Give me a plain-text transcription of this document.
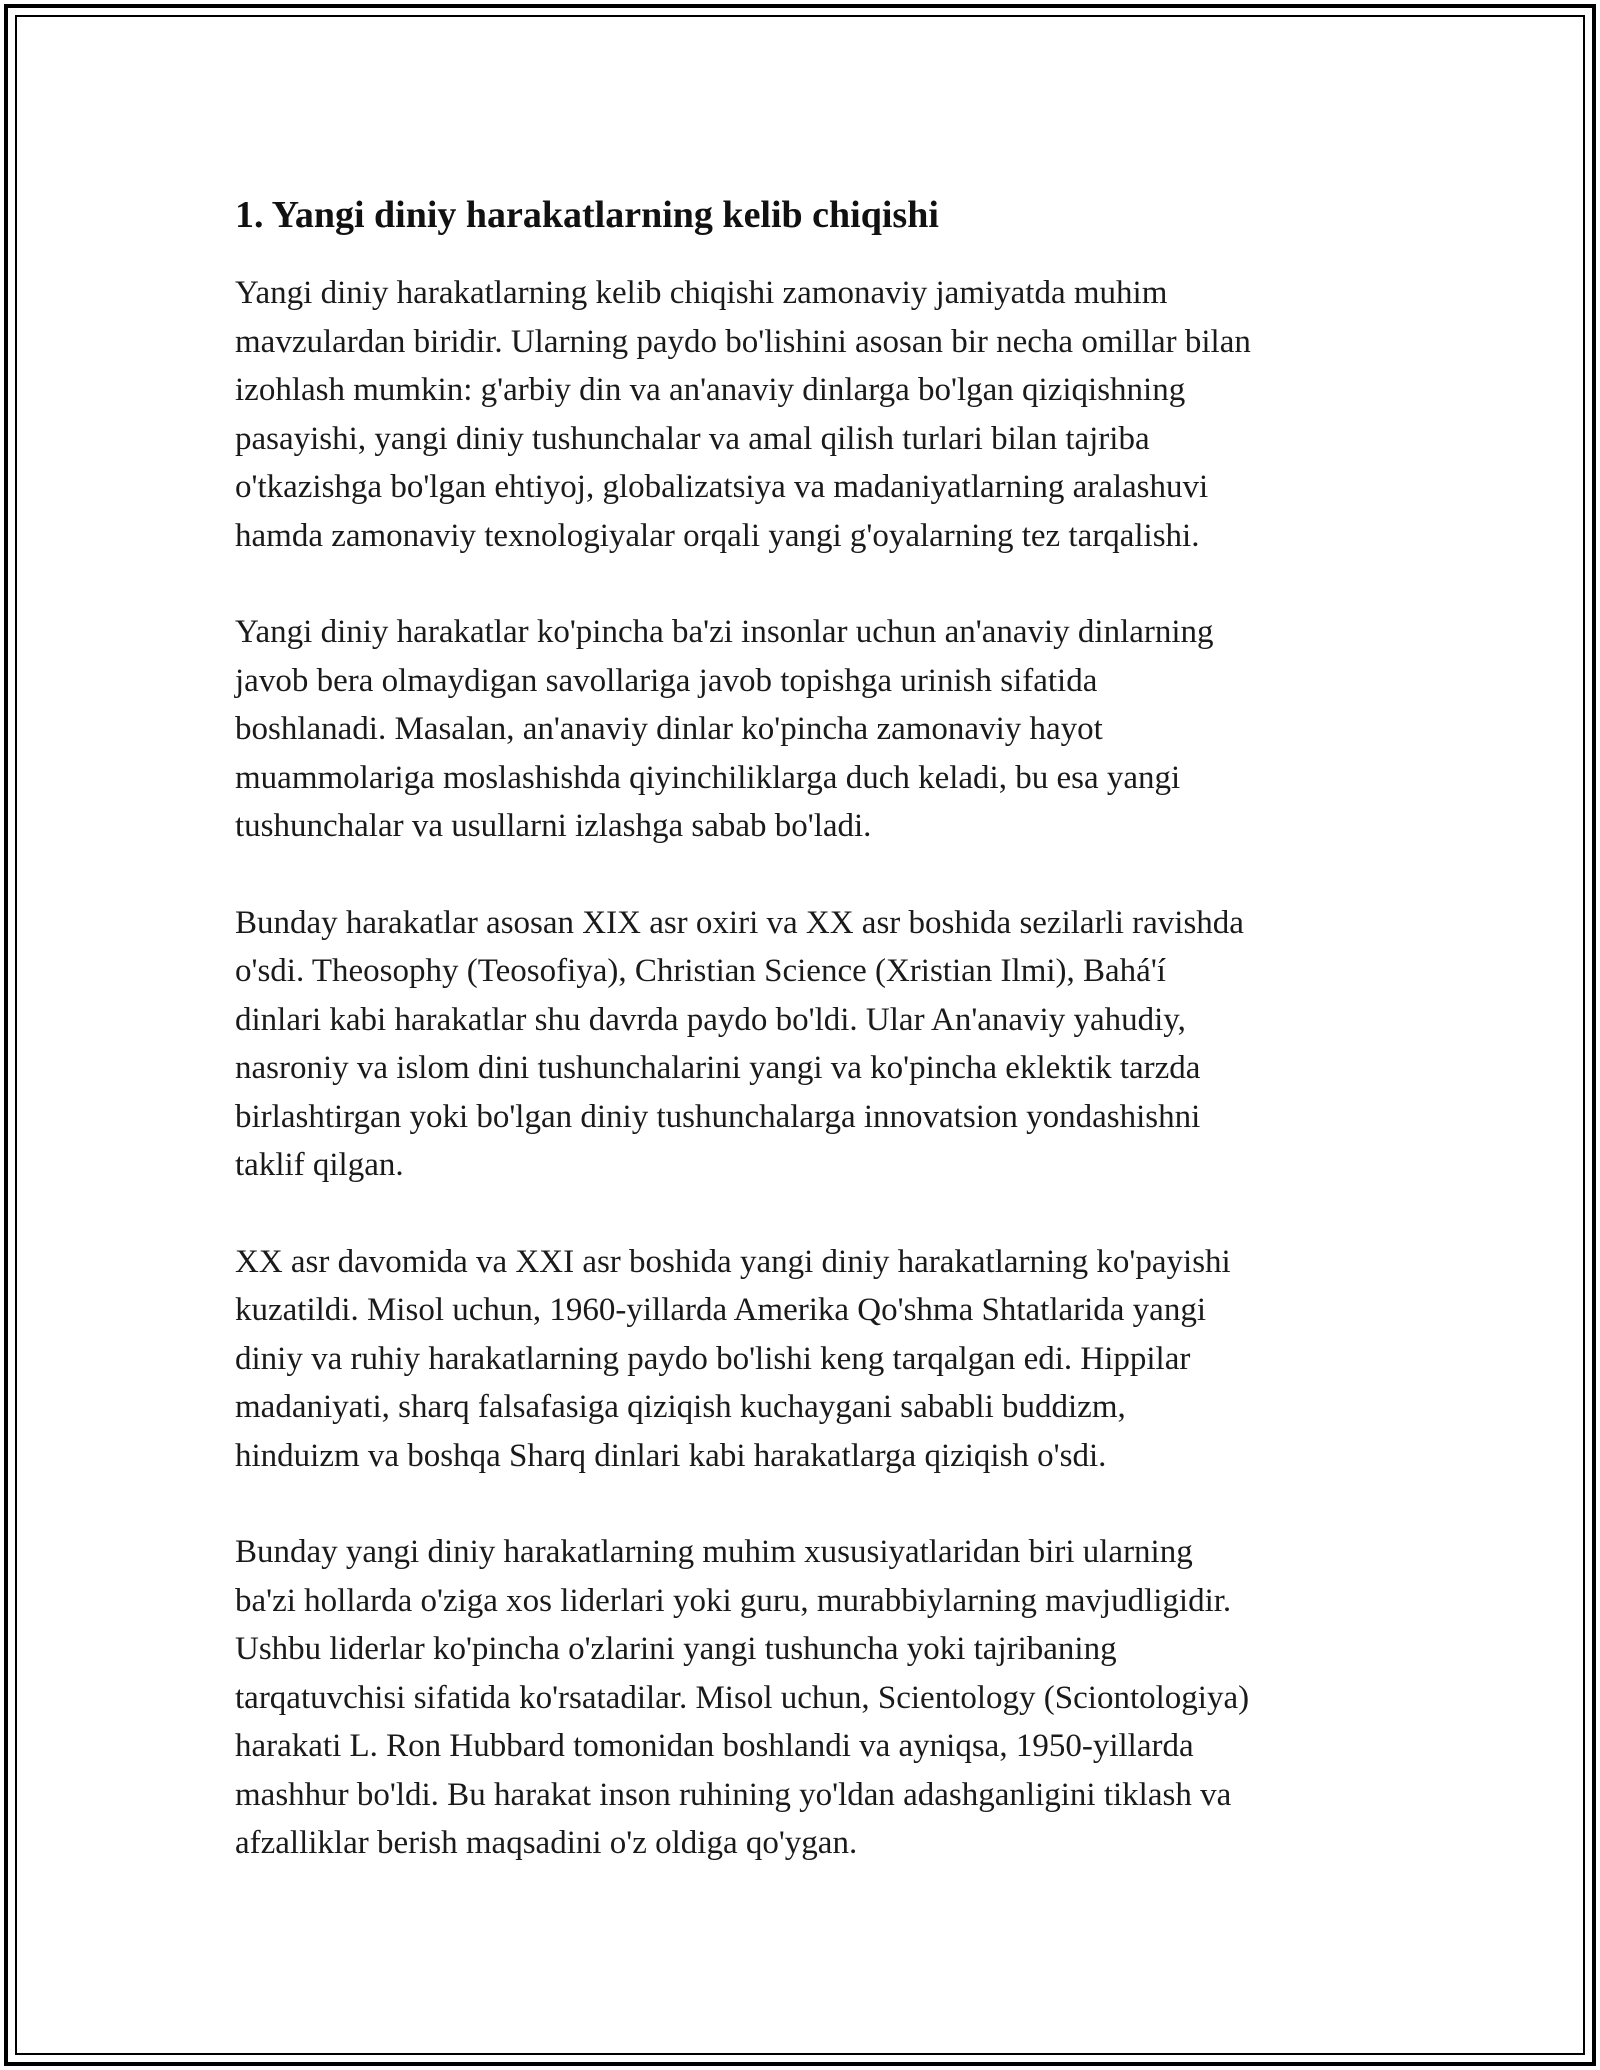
1. Yangi diniy harakatlarning kelib chiqishi

Yangi diniy harakatlarning kelib chiqishi zamonaviy jamiyatda muhim
mavzulardan biridir. Ularning paydo bo'lishini asosan bir necha omillar bilan
izohlash mumkin: g'arbiy din va an'anaviy dinlarga bo'lgan qiziqishning
pasayishi, yangi diniy tushunchalar va amal qilish turlari bilan tajriba
o'tkazishga bo'lgan ehtiyoj, globalizatsiya va madaniyatlarning aralashuvi
hamda zamonaviy texnologiyalar orqali yangi g'oyalarning tez tarqalishi.

Yangi diniy harakatlar ko'pincha ba'zi insonlar uchun an'anaviy dinlarning
javob bera olmaydigan savollariga javob topishga urinish sifatida
boshlanadi. Masalan, an'anaviy dinlar ko'pincha zamonaviy hayot
muammolariga moslashishda qiyinchiliklarga duch keladi, bu esa yangi
tushunchalar va usullarni izlashga sabab bo'ladi.

Bunday harakatlar asosan XIX asr oxiri va XX asr boshida sezilarli ravishda
o'sdi. Theosophy (Teosofiya), Christian Science (Xristian Ilmi), Bahá'í
dinlari kabi harakatlar shu davrda paydo bo'ldi. Ular An'anaviy yahudiy,
nasroniy va islom dini tushunchalarini yangi va ko'pincha eklektik tarzda
birlashtirgan yoki bo'lgan diniy tushunchalarga innovatsion yondashishni
taklif qilgan.

XX asr davomida va XXI asr boshida yangi diniy harakatlarning ko'payishi
kuzatildi. Misol uchun, 1960-yillarda Amerika Qo'shma Shtatlarida yangi
diniy va ruhiy harakatlarning paydo bo'lishi keng tarqalgan edi. Hippilar
madaniyati, sharq falsafasiga qiziqish kuchaygani sababli buddizm,
hinduizm va boshqa Sharq dinlari kabi harakatlarga qiziqish o'sdi.

Bunday yangi diniy harakatlarning muhim xususiyatlaridan biri ularning
ba'zi hollarda o'ziga xos liderlari yoki guru, murabbiylarning mavjudligidir.
Ushbu liderlar ko'pincha o'zlarini yangi tushuncha yoki tajribaning
tarqatuvchisi sifatida ko'rsatadilar. Misol uchun, Scientology (Sciontologiya)
harakati L. Ron Hubbard tomonidan boshlandi va ayniqsa, 1950-yillarda
mashhur bo'ldi. Bu harakat inson ruhining yo'ldan adashganligini tiklash va
afzalliklar berish maqsadini o'z oldiga qo'ygan.
